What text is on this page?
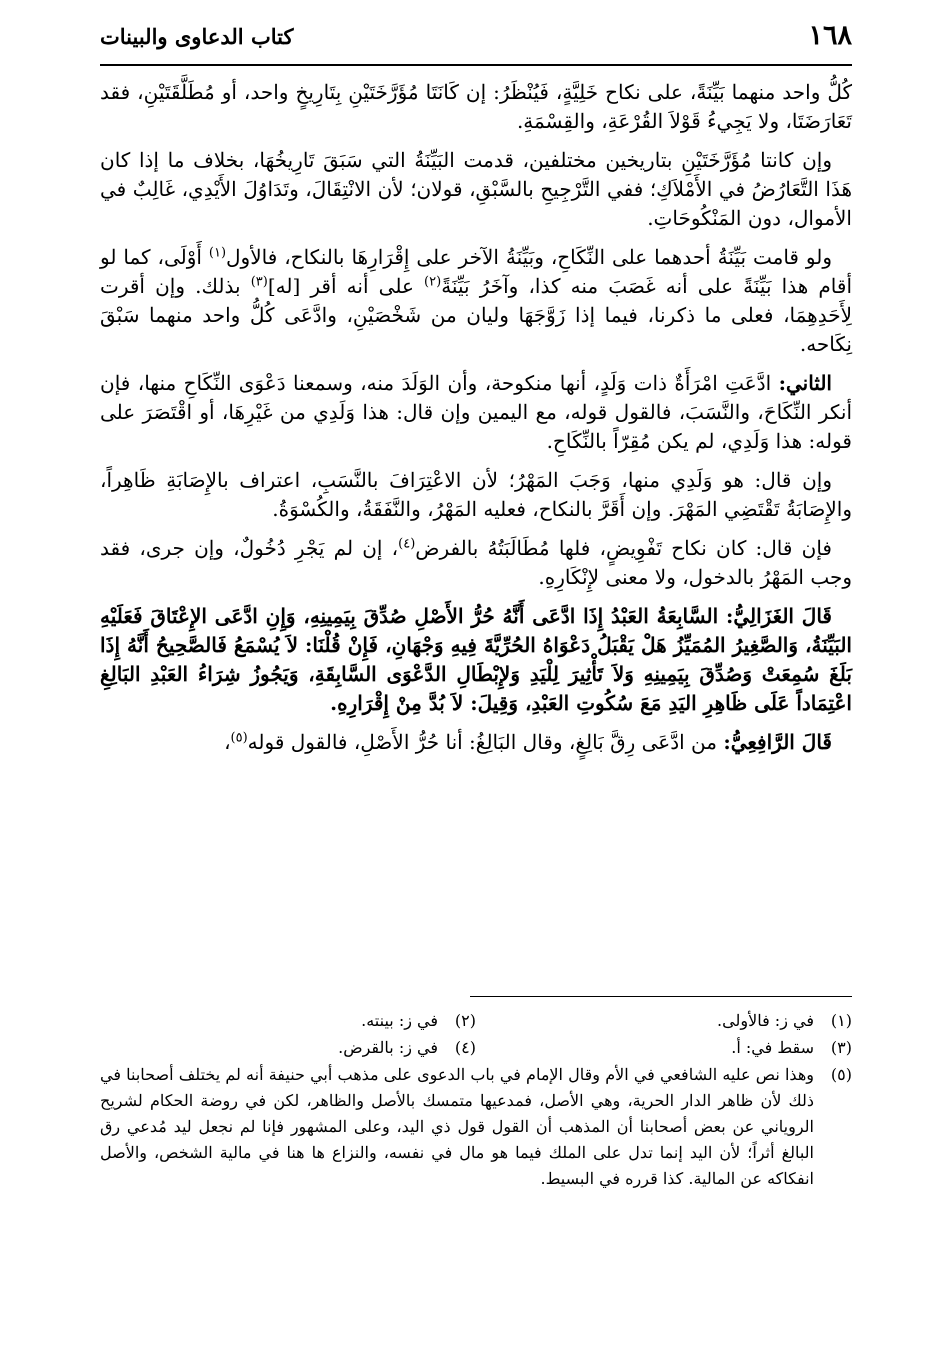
١٦٨
كتاب الدعاوى والبينات

كُلُّ واحد منهما بَيِّنَةً، على نكاح خَلِيَّةٍ، فَيُنْظَرُ: إن كَانَتَا مُؤَرَّخَتَيْنِ بِتَارِيخٍ واحد، أو مُطَلَّقَتَيْنِ، فقد تَعَارَضَتَا، ولا يَجِيءُ قَوْلاَ القُرْعَةِ، والقِسْمَةِ.

وإن كانتا مُؤَرَّخَتَيْنِ بتاريخين مختلفين، قدمت البَيِّنَةُ التي سَبَقَ تَارِيخُهَا، بخلاف ما إذا كان هَذَا التَّعَارُضُ في الأَمْلاَكِ؛ ففي التَّرْجِيحِ بالسَّبْقِ، قولان؛ لأن الانْتِقَالَ، وتَدَاوُلَ الأَيْدِي، غَالِبٌ في الأموال، دون المَنْكُوحَاتِ.

ولو قامت بَيِّنَةُ أحدهما على النِّكَاحِ، وبَيِّنَةُ الآخر على إِقْرَارِهَا بالنكاح، فالأول$^{(١)}$ أَوْلَى، كما لو أقام هذا بَيِّنَةً على أنه غَصَبَ منه كذا، وآخَرُ بَيِّنَةً$^{(٢)}$ على أنه أقر [له]$^{(٣)}$ بذلك. وإن أقرت لِأَحَدِهِمَا، فعلى ما ذكرنا، فيما إذا زَوَّجَهَا وليان من شَخْصَيْنِ، وادَّعَى كُلُّ واحد منهما سَبْقَ نِكَاحه.

الثاني: ادَّعَتِ امْرَأَةٌ ذات وَلَدٍ، أنها منكوحة، وأن الوَلَدَ منه، وسمعنا دَعْوَى النِّكَاحِ منها، فإن أنكر النِّكَاحَ، والنَّسَبَ، فالقول قوله، مع اليمين وإن قال: هذا وَلَدِي من غَيْرِهَا، أو اقْتَصَرَ على قوله: هذا وَلَدِي، لم يكن مُقِرّاً بالنِّكَاحِ.

وإن قال: هو وَلَدِي منها، وَجَبَ المَهْرُ؛ لأن الاعْتِرَافَ بالنَّسَبِ، اعتراف بالإِصَابَةِ ظَاهِراً، والإِصَابَةُ تَقْتَضِي المَهْرَ. وإن أَقَرَّ بالنكاح، فعليه المَهْرُ، والنَّفَقَةُ، والكُسْوَةُ.

فإن قال: كان نكاح تَفْوِيضٍ، فلها مُطَالَبَتُهُ بالفرض$^{(٤)}$، إن لم يَجْرِ دُخُولٌ، وإن جرى، فقد وجب المَهْرُ بالدخول، ولا معنى لإِنْكَارِهِ.

قَالَ الغَزَالِيُّ: السَّابِعَةُ العَبْدُ إِذَا ادَّعَى أَنَّهُ حُرُّ الأَصْلِ صُدِّقَ بِيَمِينِهِ، وَإِنِ ادَّعَى الإِعْتَاقَ فَعَلَيْهِ البَيِّنَةُ، وَالصَّغِيرُ المُمَيِّزُ هَلْ يَقْبَلُ دَعْوَاهُ الحُرِّيَّةَ فِيهِ وَجْهَانِ، فَإِنْ قُلْنَا: لاَ يُسْمَعُ فَالصَّحِيحُ أَنَّهُ إِذَا بَلَغَ سُمِعَتْ وَصُدِّقَ بِيَمِينِهِ وَلاَ تَأْثِيرَ لِلْيَدِ وَلإِبْطَالِ الدَّعْوَى السَّابِقَةِ، وَيَجُوزُ شِرَاءُ العَبْدِ البَالِغِ اعْتِمَاداً عَلَى ظَاهِرِ اليَدِ مَعَ سُكُوتِ العَبْدِ، وَقِيلَ: لاَ بُدَّ مِنْ إِقْرَارِهِ.

قَالَ الرَّافِعِيُّ: من ادَّعَى رِقَّ بَالِغٍ، وقال البَالِغُ: أنا حُرُّ الأَصْلِ، فالقول قوله$^{(٥)}$،

(١)
في ز: فالأولى.
(٢)
في ز: بينته.
(٣)
سقط في: أ.
(٤)
في ز: بالقرض.
(٥)
وهذا نص عليه الشافعي في الأم وقال الإمام في باب الدعوى على مذهب أبي حنيفة أنه لم يختلف أصحابنا في ذلك لأن ظاهر الدار الحرية، وهي الأصل، فمدعيها متمسك بالأصل والظاهر، لكن في روضة الحكام لشريح الروياني عن بعض أصحابنا أن المذهب أن القول قول ذي اليد، وعلى المشهور فإنا لم نجعل ليد مُدعي رق البالغ أثراً؛ لأن اليد إنما تدل على الملك فيما هو مال في نفسه، والنزاع ها هنا في مالية الشخص، والأصل انفكاكه عن المالية. كذا قرره في البسيط.
